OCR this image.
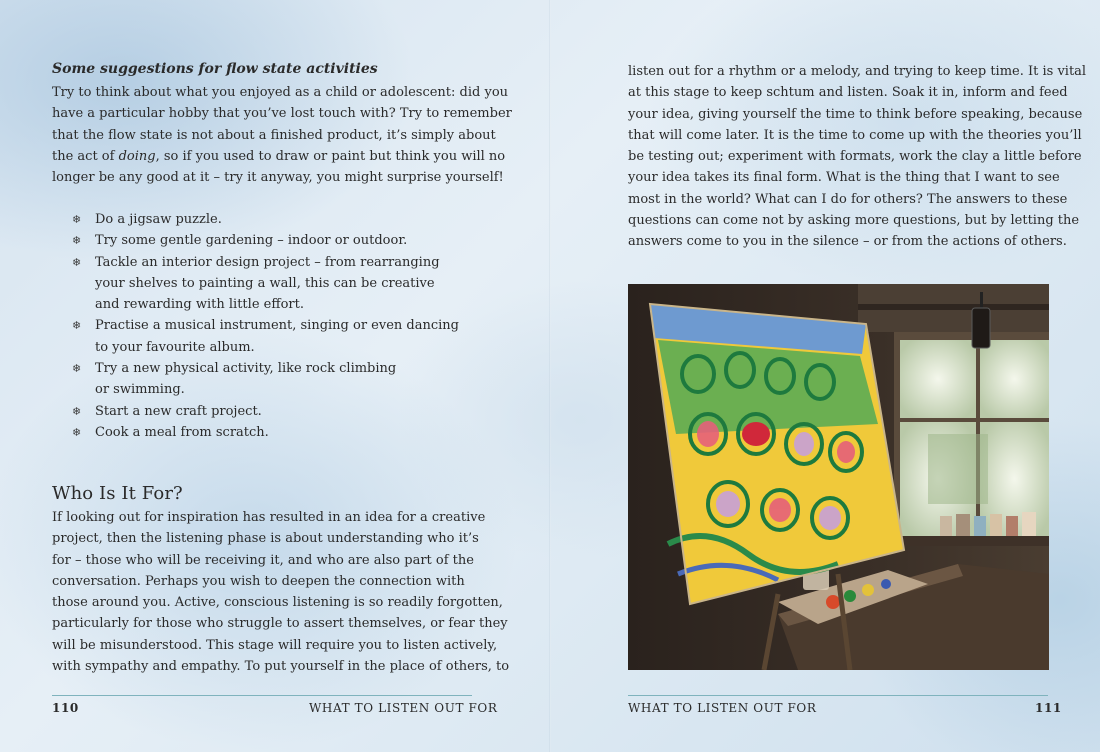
Some suggestions for flow state activities
Try to think about what you enjoyed as a child or adolescent: did you
have a particular hobby that you’ve lost touch with? Try to remember
that the flow state is not about a finished product, it’s simply about
the act of doing, so if you used to draw or paint but think you will no
longer be any good at it – try it anyway, you might surprise yourself!
❄ Do a jigsaw puzzle.
❄ Try some gentle gardening – indoor or outdoor.
❄ Tackle an interior design project – from rearranging
your shelves to painting a wall, this can be creative
and rewarding with little effort.
❄ Practise a musical instrument, singing or even dancing
to your favourite album.
❄ Try a new physical activity, like rock climbing
or swimming.
❄ Start a new craft project.
❄ Cook a meal from scratch.
Who Is It For?
If looking out for inspiration has resulted in an idea for a creative
project, then the listening phase is about understanding who it’s
for – those who will be receiving it, and who are also part of the
conversation. Perhaps you wish to deepen the connection with
those around you. Active, conscious listening is so readily forgotten,
particularly for those who struggle to assert themselves, or fear they
will be misunderstood. This stage will require you to listen actively,
with sympathy and empathy. To put yourself in the place of others, to
110	WHAT TO LISTEN OUT FOR
listen out for a rhythm or a melody, and trying to keep time. It is vital
at this stage to keep schtum and listen. Soak it in, inform and feed
your idea, giving yourself the time to think before speaking, because
that will come later. It is the time to come up with the theories you’ll
be testing out; experiment with formats, work the clay a little before
your idea takes its final form. What is the thing that I want to see
most in the world? What can I do for others? The answers to these
questions can come not by asking more questions, but by letting the
answers come to you in the silence – or from the actions of others.
WHAT TO LISTEN OUT FOR	111
